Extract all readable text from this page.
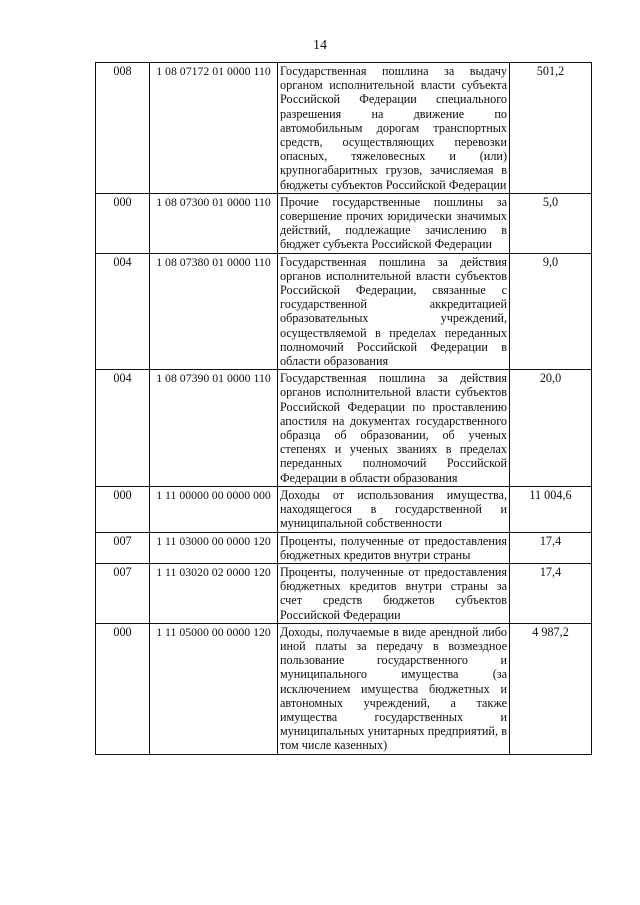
14
008	1 08 07172 01 0000 110	Государственная пошлина за выдачу органом исполнительной власти субъекта Российской Федерации специального разрешения на движение по автомобильным дорогам транспортных средств, осуществляющих перевозки опасных, тяжеловесных и (или) крупногабаритных грузов, зачисляемая в бюджеты субъектов Российской Федерации	501,2
000	1 08 07300 01 0000 110	Прочие государственные пошлины за совершение прочих юридически значимых действий, подлежащие зачислению в бюджет субъекта Российской Федерации	5,0
004	1 08 07380 01 0000 110	Государственная пошлина за действия органов исполнительной власти субъектов Российской Федерации, связанные с государственной аккредитацией образовательных учреждений, осуществляемой в пределах переданных полномочий Российской Федерации в области образования	9,0
004	1 08 07390 01 0000 110	Государственная пошлина за действия органов исполнительной власти субъектов Российской Федерации по проставлению апостиля на документах государственного образца об образовании, об ученых степенях и ученых званиях в пределах переданных полномочий Российской Федерации в области образования	20,0
000	1 11 00000 00 0000 000	Доходы от использования имущества, находящегося в государственной и муниципальной собственности	11 004,6
007	1 11 03000 00 0000 120	Проценты, полученные от предоставления бюджетных кредитов внутри страны	17,4
007	1 11 03020 02 0000 120	Проценты, полученные от предоставления бюджетных кредитов внутри страны за счет средств бюджетов субъектов Российской Федерации	17,4
000	1 11 05000 00 0000 120	Доходы, получаемые в виде арендной либо иной платы за передачу в возмездное пользование государственного и муниципального имущества (за исключением имущества бюджетных и автономных учреждений, а также имущества государственных и муниципальных унитарных предприятий, в том числе казенных)	4 987,2
